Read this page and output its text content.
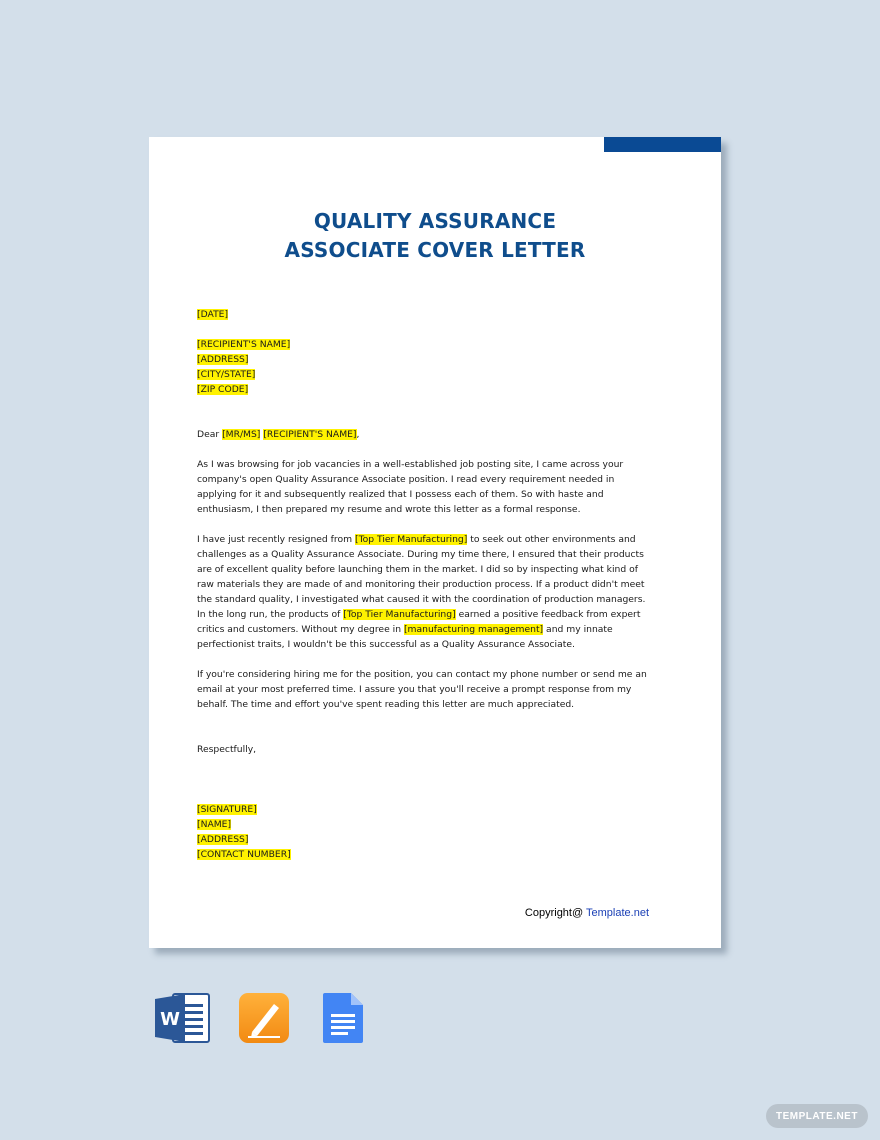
QUALITY ASSURANCE
ASSOCIATE COVER LETTER
[DATE]
[RECIPIENT'S NAME]
[ADDRESS]
[CITY/STATE]
[ZIP CODE]

Dear [MR/MS] [RECIPIENT'S NAME],

As I was browsing for job vacancies in a well-established job posting site, I came across your company's open Quality Assurance Associate position. I read every requirement needed in applying for it and subsequently realized that I possess each of them. So with haste and enthusiasm, I then prepared my resume and wrote this letter as a formal response.

I have just recently resigned from [Top Tier Manufacturing] to seek out other environments and challenges as a Quality Assurance Associate. During my time there, I ensured that their products are of excellent quality before launching them in the market. I did so by inspecting what kind of raw materials they are made of and monitoring their production process. If a product didn't meet the standard quality, I investigated what caused it with the coordination of production managers. In the long run, the products of [Top Tier Manufacturing] earned a positive feedback from expert critics and customers. Without my degree in [manufacturing management] and my innate perfectionist traits, I wouldn't be this successful as a Quality Assurance Associate.

If you're considering hiring me for the position, you can contact my phone number or send me an email at your most preferred time. I assure you that you'll receive a prompt response from my behalf. The time and effort you've spent reading this letter are much appreciated.

Respectfully,

[SIGNATURE]
[NAME]
[ADDRESS]
[CONTACT NUMBER]
Copyright@ Template.net
W
TEMPLATE.NET
